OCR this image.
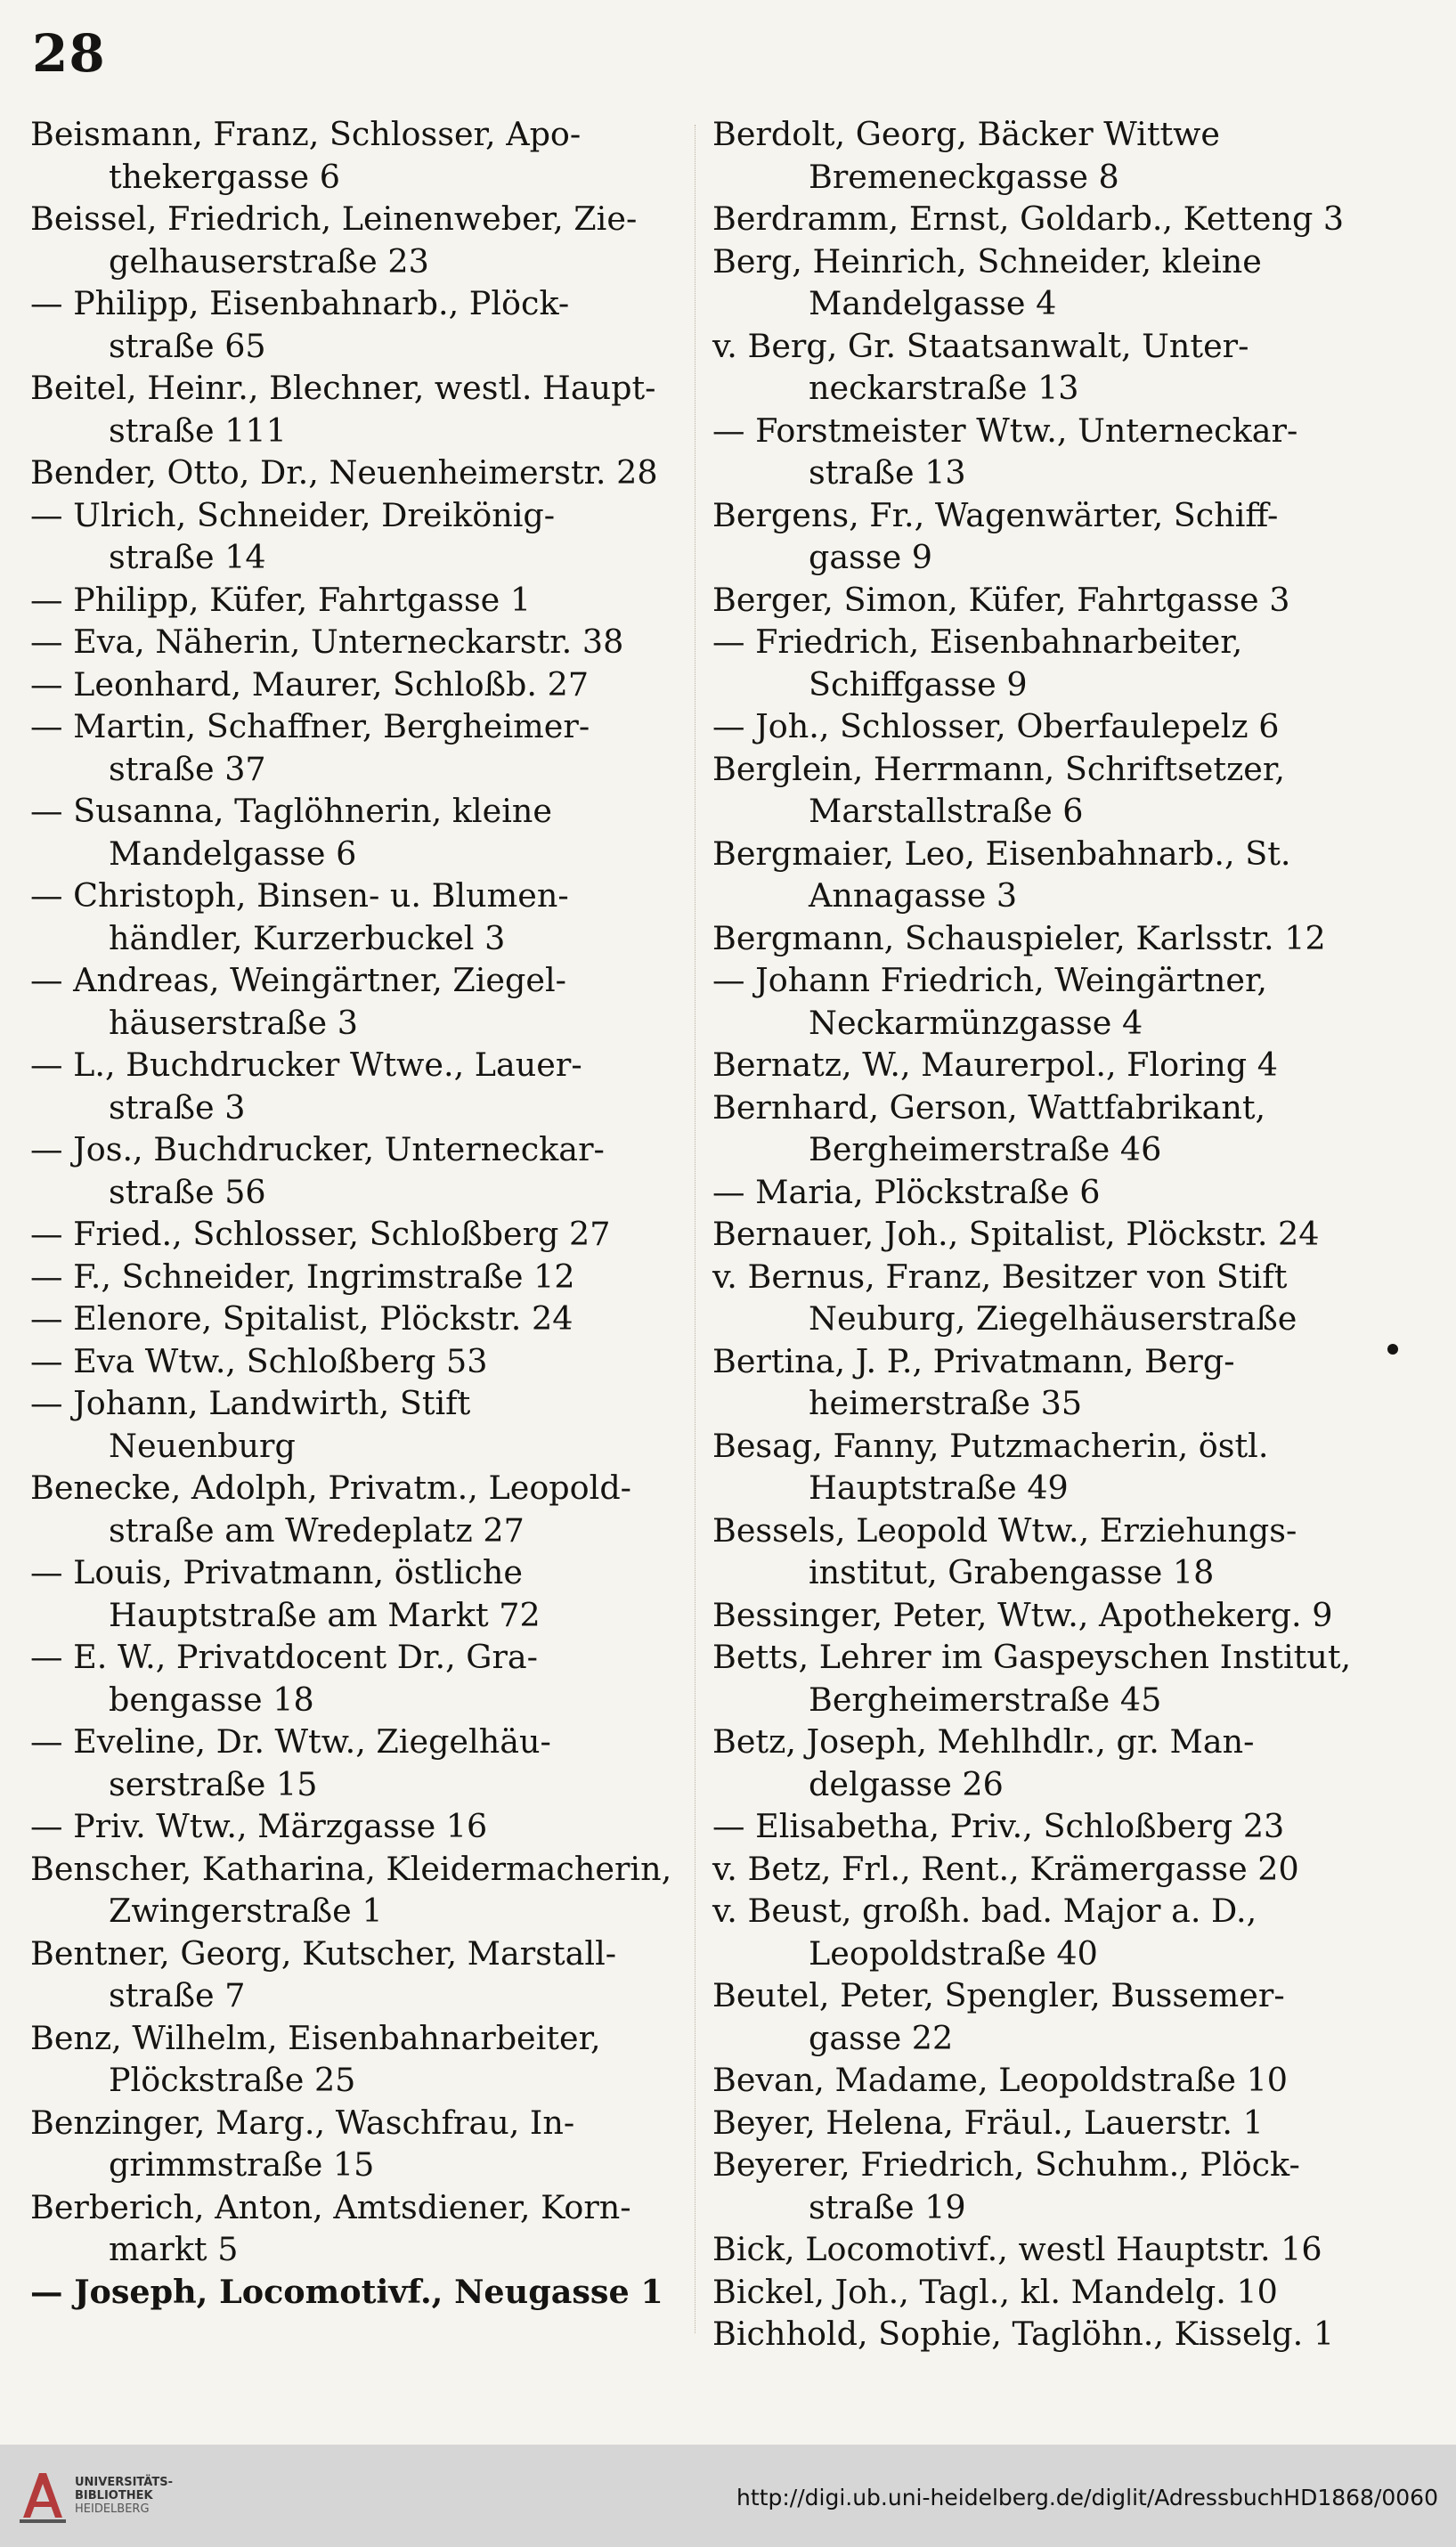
28
Beismann, Franz, Schlosser, Apo-
thekergasse 6
Beissel, Friedrich, Leinenweber, Zie-
gelhauserstraße 23
— Philipp, Eisenbahnarb., Plöck-
straße 65
Beitel, Heinr., Blechner, westl. Haupt-
straße 111
Bender, Otto, Dr., Neuenheimerstr. 28
— Ulrich, Schneider, Dreikönig-
straße 14
— Philipp, Küfer, Fahrtgasse 1
— Eva, Näherin, Unterneckarstr. 38
— Leonhard, Maurer, Schloßb. 27
— Martin, Schaffner, Bergheimer-
straße 37
— Susanna, Taglöhnerin, kleine
Mandelgasse 6
— Christoph, Binsen- u. Blumen-
händler, Kurzerbuckel 3
— Andreas, Weingärtner, Ziegel-
häuserstraße 3
— L., Buchdrucker Wtwe., Lauer-
straße 3
— Jos., Buchdrucker, Unterneckar-
straße 56
— Fried., Schlosser, Schloßberg 27
— F., Schneider, Ingrimstraße 12
— Elenore, Spitalist, Plöckstr. 24
— Eva Wtw., Schloßberg 53
— Johann, Landwirth, Stift
Neuenburg
Benecke, Adolph, Privatm., Leopold-
straße am Wredeplatz 27
— Louis, Privatmann, östliche
Hauptstraße am Markt 72
— E. W., Privatdocent Dr., Gra-
bengasse 18
— Eveline, Dr. Wtw., Ziegelhäu-
serstraße 15
— Priv. Wtw., Märzgasse 16
Benscher, Katharina, Kleidermacherin,
Zwingerstraße 1
Bentner, Georg, Kutscher, Marstall-
straße 7
Benz, Wilhelm, Eisenbahnarbeiter,
Plöckstraße 25
Benzinger, Marg., Waschfrau, In-
grimmstraße 15
Berberich, Anton, Amtsdiener, Korn-
markt 5
— Joseph, Locomotivf., Neugasse 1
Berdolt, Georg, Bäcker Wittwe
Bremeneckgasse 8
Berdramm, Ernst, Goldarb., Ketteng 3
Berg, Heinrich, Schneider, kleine
Mandelgasse 4
v. Berg, Gr. Staatsanwalt, Unter-
neckarstraße 13
— Forstmeister Wtw., Unterneckar-
straße 13
Bergens, Fr., Wagenwärter, Schiff-
gasse 9
Berger, Simon, Küfer, Fahrtgasse 3
— Friedrich, Eisenbahnarbeiter,
Schiffgasse 9
— Joh., Schlosser, Oberfaulepelz 6
Berglein, Herrmann, Schriftsetzer,
Marstallstraße 6
Bergmaier, Leo, Eisenbahnarb., St.
Annagasse 3
Bergmann, Schauspieler, Karlsstr. 12
— Johann Friedrich, Weingärtner,
Neckarmünzgasse 4
Bernatz, W., Maurerpol., Floring 4
Bernhard, Gerson, Wattfabrikant,
Bergheimerstraße 46
— Maria, Plöckstraße 6
Bernauer, Joh., Spitalist, Plöckstr. 24
v. Bernus, Franz, Besitzer von Stift
Neuburg, Ziegelhäuserstraße
Bertina, J. P., Privatmann, Berg-
heimerstraße 35
Besag, Fanny, Putzmacherin, östl.
Hauptstraße 49
Bessels, Leopold Wtw., Erziehungs-
institut, Grabengasse 18
Bessinger, Peter, Wtw., Apothekerg. 9
Betts, Lehrer im Gaspeyschen Institut,
Bergheimerstraße 45
Betz, Joseph, Mehlhdlr., gr. Man-
delgasse 26
— Elisabetha, Priv., Schloßberg 23
v. Betz, Frl., Rent., Krämergasse 20
v. Beust, großh. bad. Major a. D.,
Leopoldstraße 40
Beutel, Peter, Spengler, Bussemer-
gasse 22
Bevan, Madame, Leopoldstraße 10
Beyer, Helena, Fräul., Lauerstr. 1
Beyerer, Friedrich, Schuhm., Plöck-
straße 19
Bick, Locomotivf., westl Hauptstr. 16
Bickel, Joh., Tagl., kl. Mandelg. 10
Bichhold, Sophie, Taglöhn., Kisselg. 1
UNIVERSITÄTS-
BIBLIOTHEK
HEIDELBERG	http://digi.ub.uni-heidelberg.de/diglit/AdressbuchHD1868/0060
